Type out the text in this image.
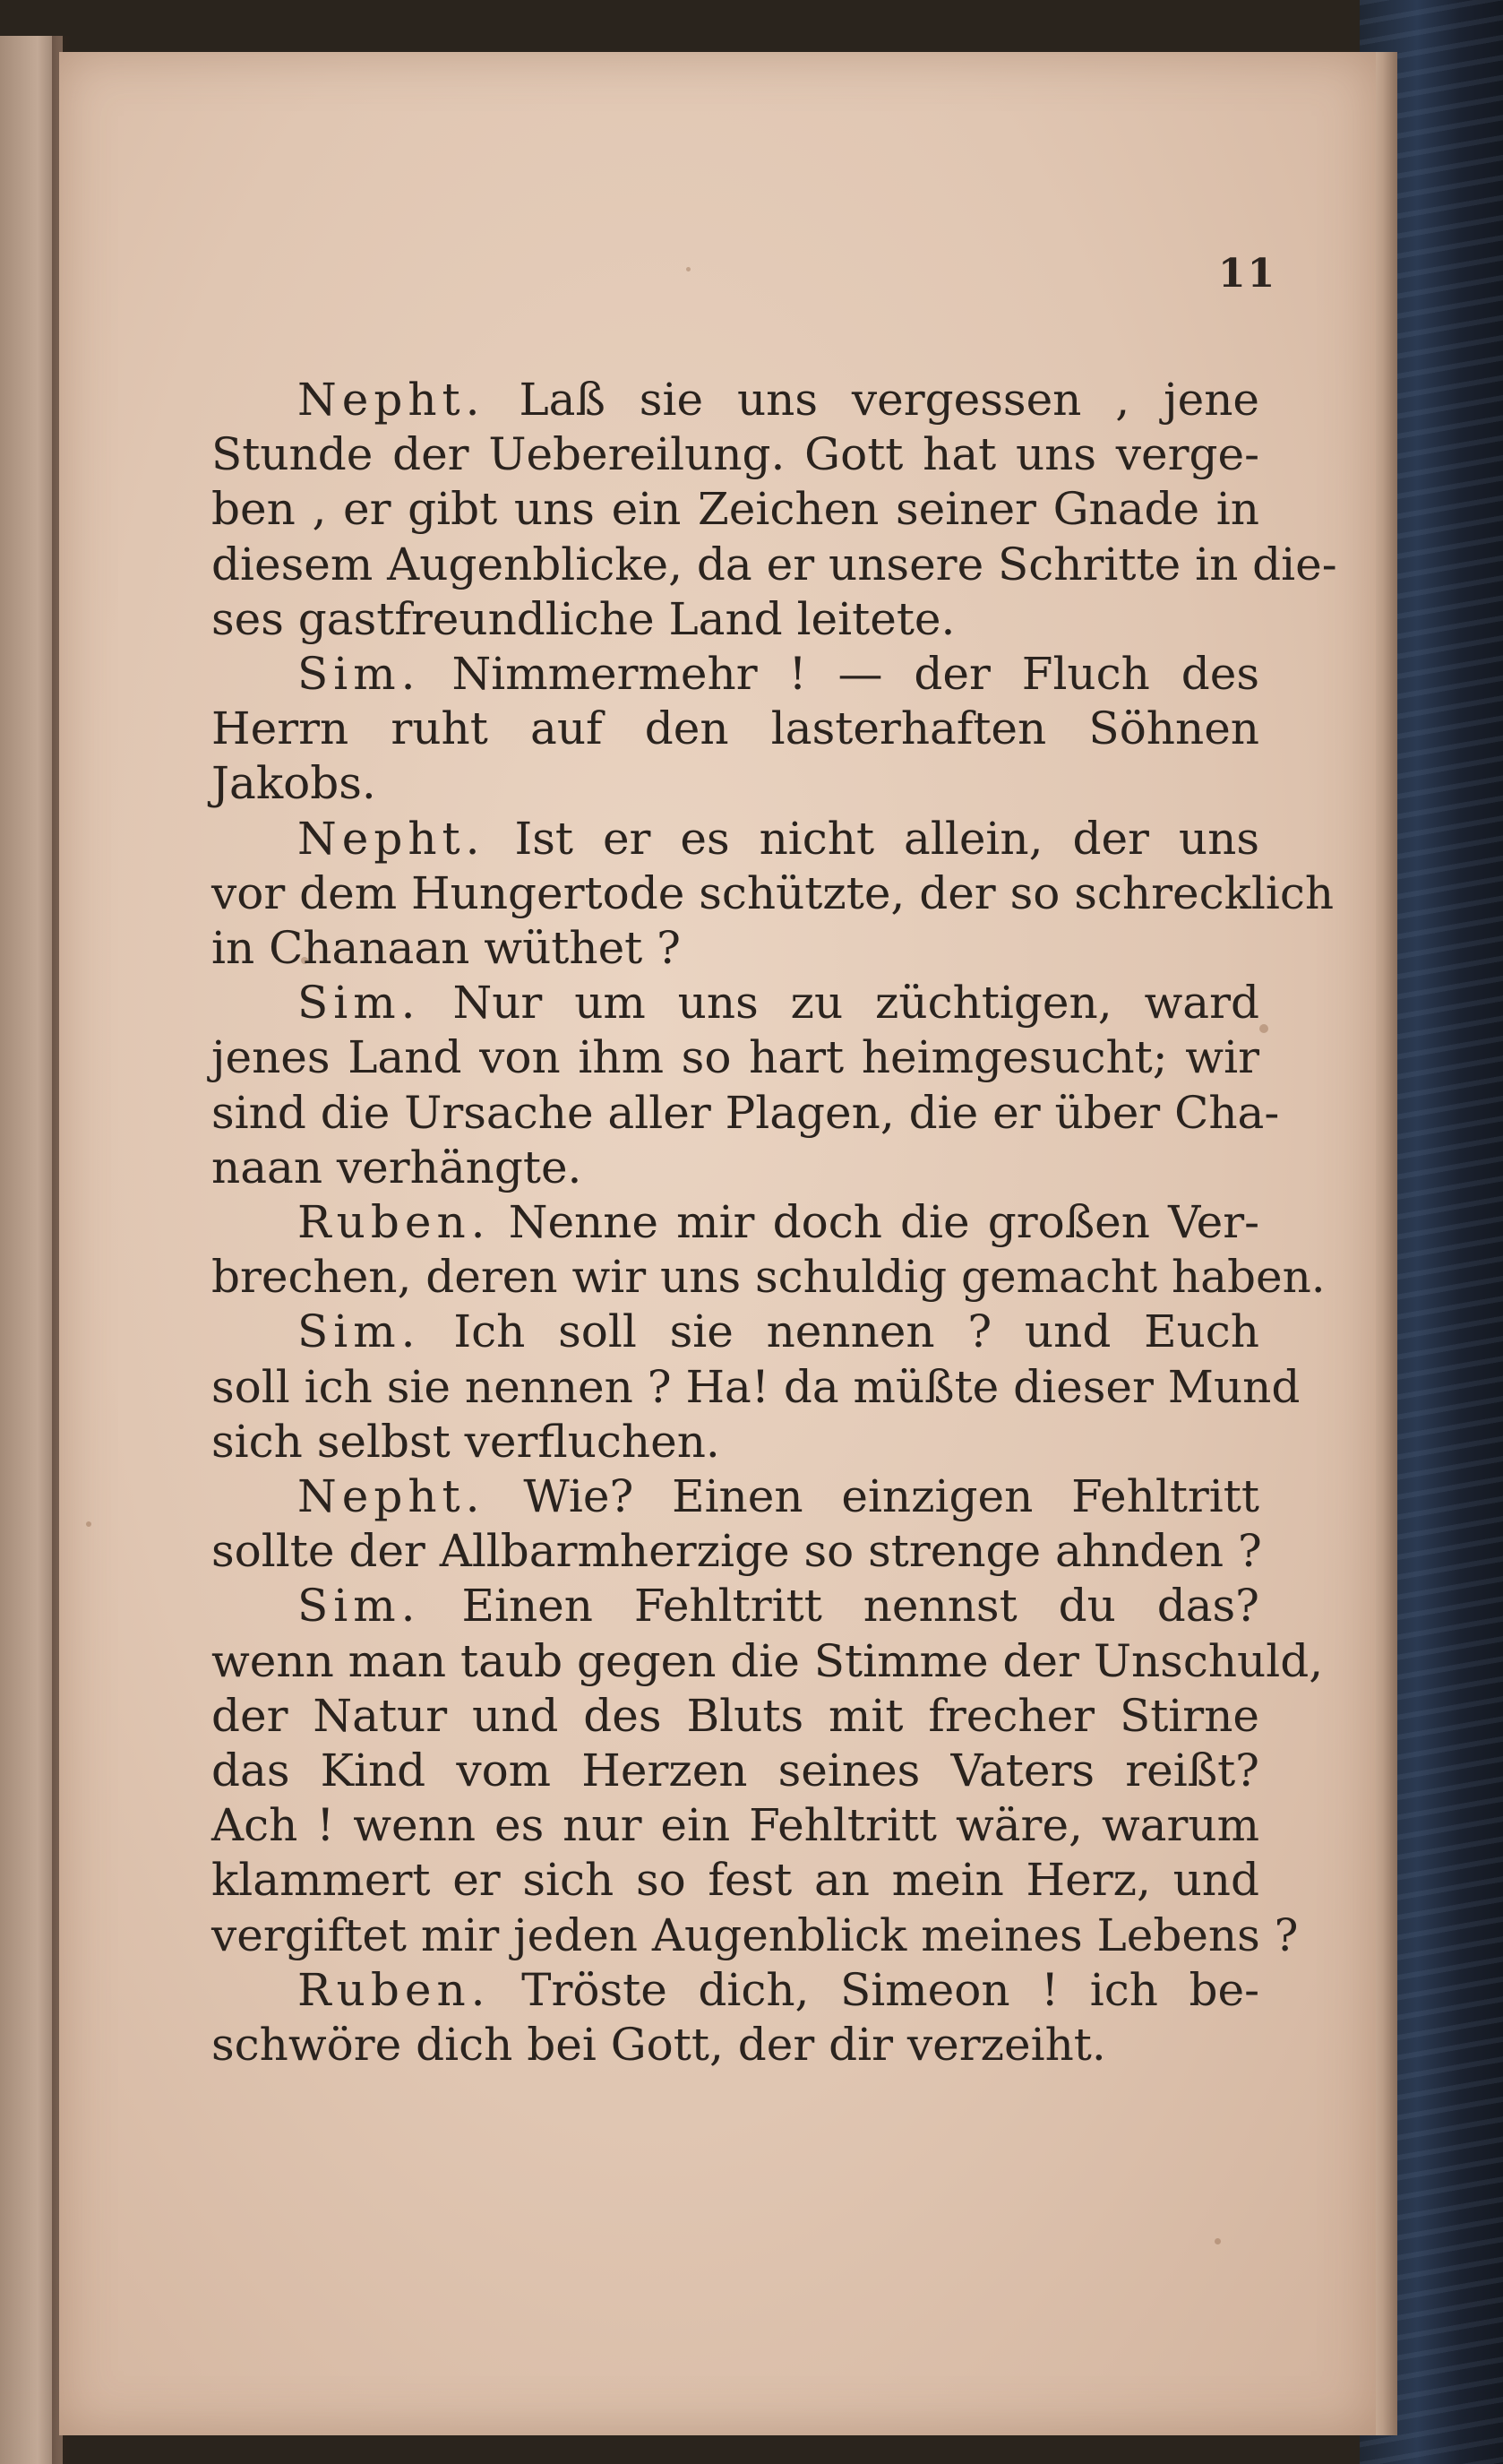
11
Nepht. Laß sie uns vergessen , jene
Stunde der Uebereilung. Gott hat uns verge-
ben , er gibt uns ein Zeichen seiner Gnade in
diesem Augenblicke, da er unsere Schritte in die-
ses gastfreundliche Land leitete.
Sim. Nimmermehr ! — der Fluch des
Herrn ruht auf den lasterhaften Söhnen
Jakobs.
Nepht. Ist er es nicht allein, der uns
vor dem Hungertode schützte, der so schrecklich
in Chanaan wüthet ?
Sim. Nur um uns zu züchtigen, ward
jenes Land von ihm so hart heimgesucht; wir
sind die Ursache aller Plagen, die er über Cha-
naan verhängte.
Ruben. Nenne mir doch die großen Ver-
brechen, deren wir uns schuldig gemacht haben.
Sim. Ich soll sie nennen ? und Euch
soll ich sie nennen ? Ha! da müßte dieser Mund
sich selbst verfluchen.
Nepht. Wie? Einen einzigen Fehltritt
sollte der Allbarmherzige so strenge ahnden ?
Sim. Einen Fehltritt nennst du das?
wenn man taub gegen die Stimme der Unschuld,
der Natur und des Bluts mit frecher Stirne
das Kind vom Herzen seines Vaters reißt?
Ach ! wenn es nur ein Fehltritt wäre, warum
klammert er sich so fest an mein Herz, und
vergiftet mir jeden Augenblick meines Lebens ?
Ruben. Tröste dich, Simeon ! ich be-
schwöre dich bei Gott, der dir verzeiht.
